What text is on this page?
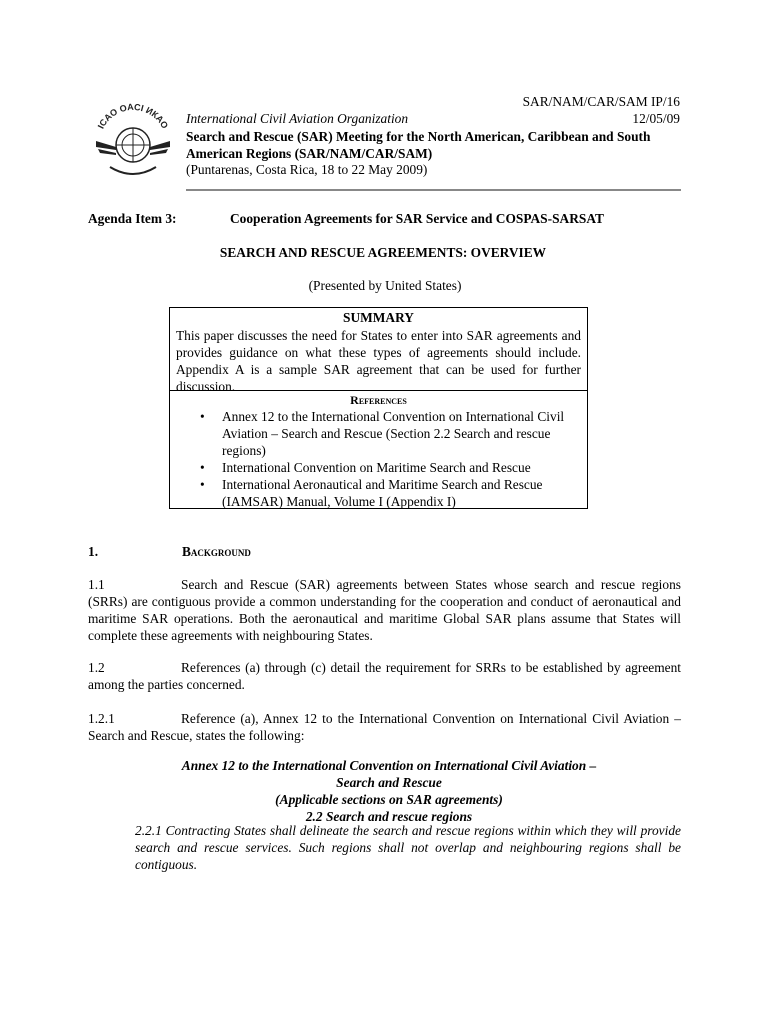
SAR/NAM/CAR/SAM IP/16
12/05/09
ICAO OACI ИКАО International Civil Aviation Organization
Search and Rescue (SAR) Meeting for the North American, Caribbean and South American Regions (SAR/NAM/CAR/SAM)
(Puntarenas, Costa Rica, 18 to 22 May 2009)
Agenda Item 3:	Cooperation Agreements for SAR Service and COSPAS-SARSAT
SEARCH AND RESCUE AGREEMENTS: OVERVIEW
(Presented by United States)
SUMMARY
This paper discusses the need for States to enter into SAR agreements and provides guidance on what these types of agreements should include. Appendix A is a sample SAR agreement that can be used for further discussion.
References
• Annex 12 to the International Convention on International Civil Aviation – Search and Rescue (Section 2.2 Search and rescue regions)
• International Convention on Maritime Search and Rescue
• International Aeronautical and Maritime Search and Rescue (IAMSAR) Manual, Volume I (Appendix I)
1.	Background
1.1	Search and Rescue (SAR) agreements between States whose search and rescue regions (SRRs) are contiguous provide a common understanding for the cooperation and conduct of aeronautical and maritime SAR operations. Both the aeronautical and maritime Global SAR plans assume that States will complete these agreements with neighbouring States.
1.2	References (a) through (c) detail the requirement for SRRs to be established by agreement among the parties concerned.
1.2.1	Reference (a), Annex 12 to the International Convention on International Civil Aviation – Search and Rescue, states the following:
Annex 12 to the International Convention on International Civil Aviation –
Search and Rescue
(Applicable sections on SAR agreements)
2.2 Search and rescue regions
2.2.1 Contracting States shall delineate the search and rescue regions within which they will provide search and rescue services. Such regions shall not overlap and neighbouring regions shall be contiguous.
